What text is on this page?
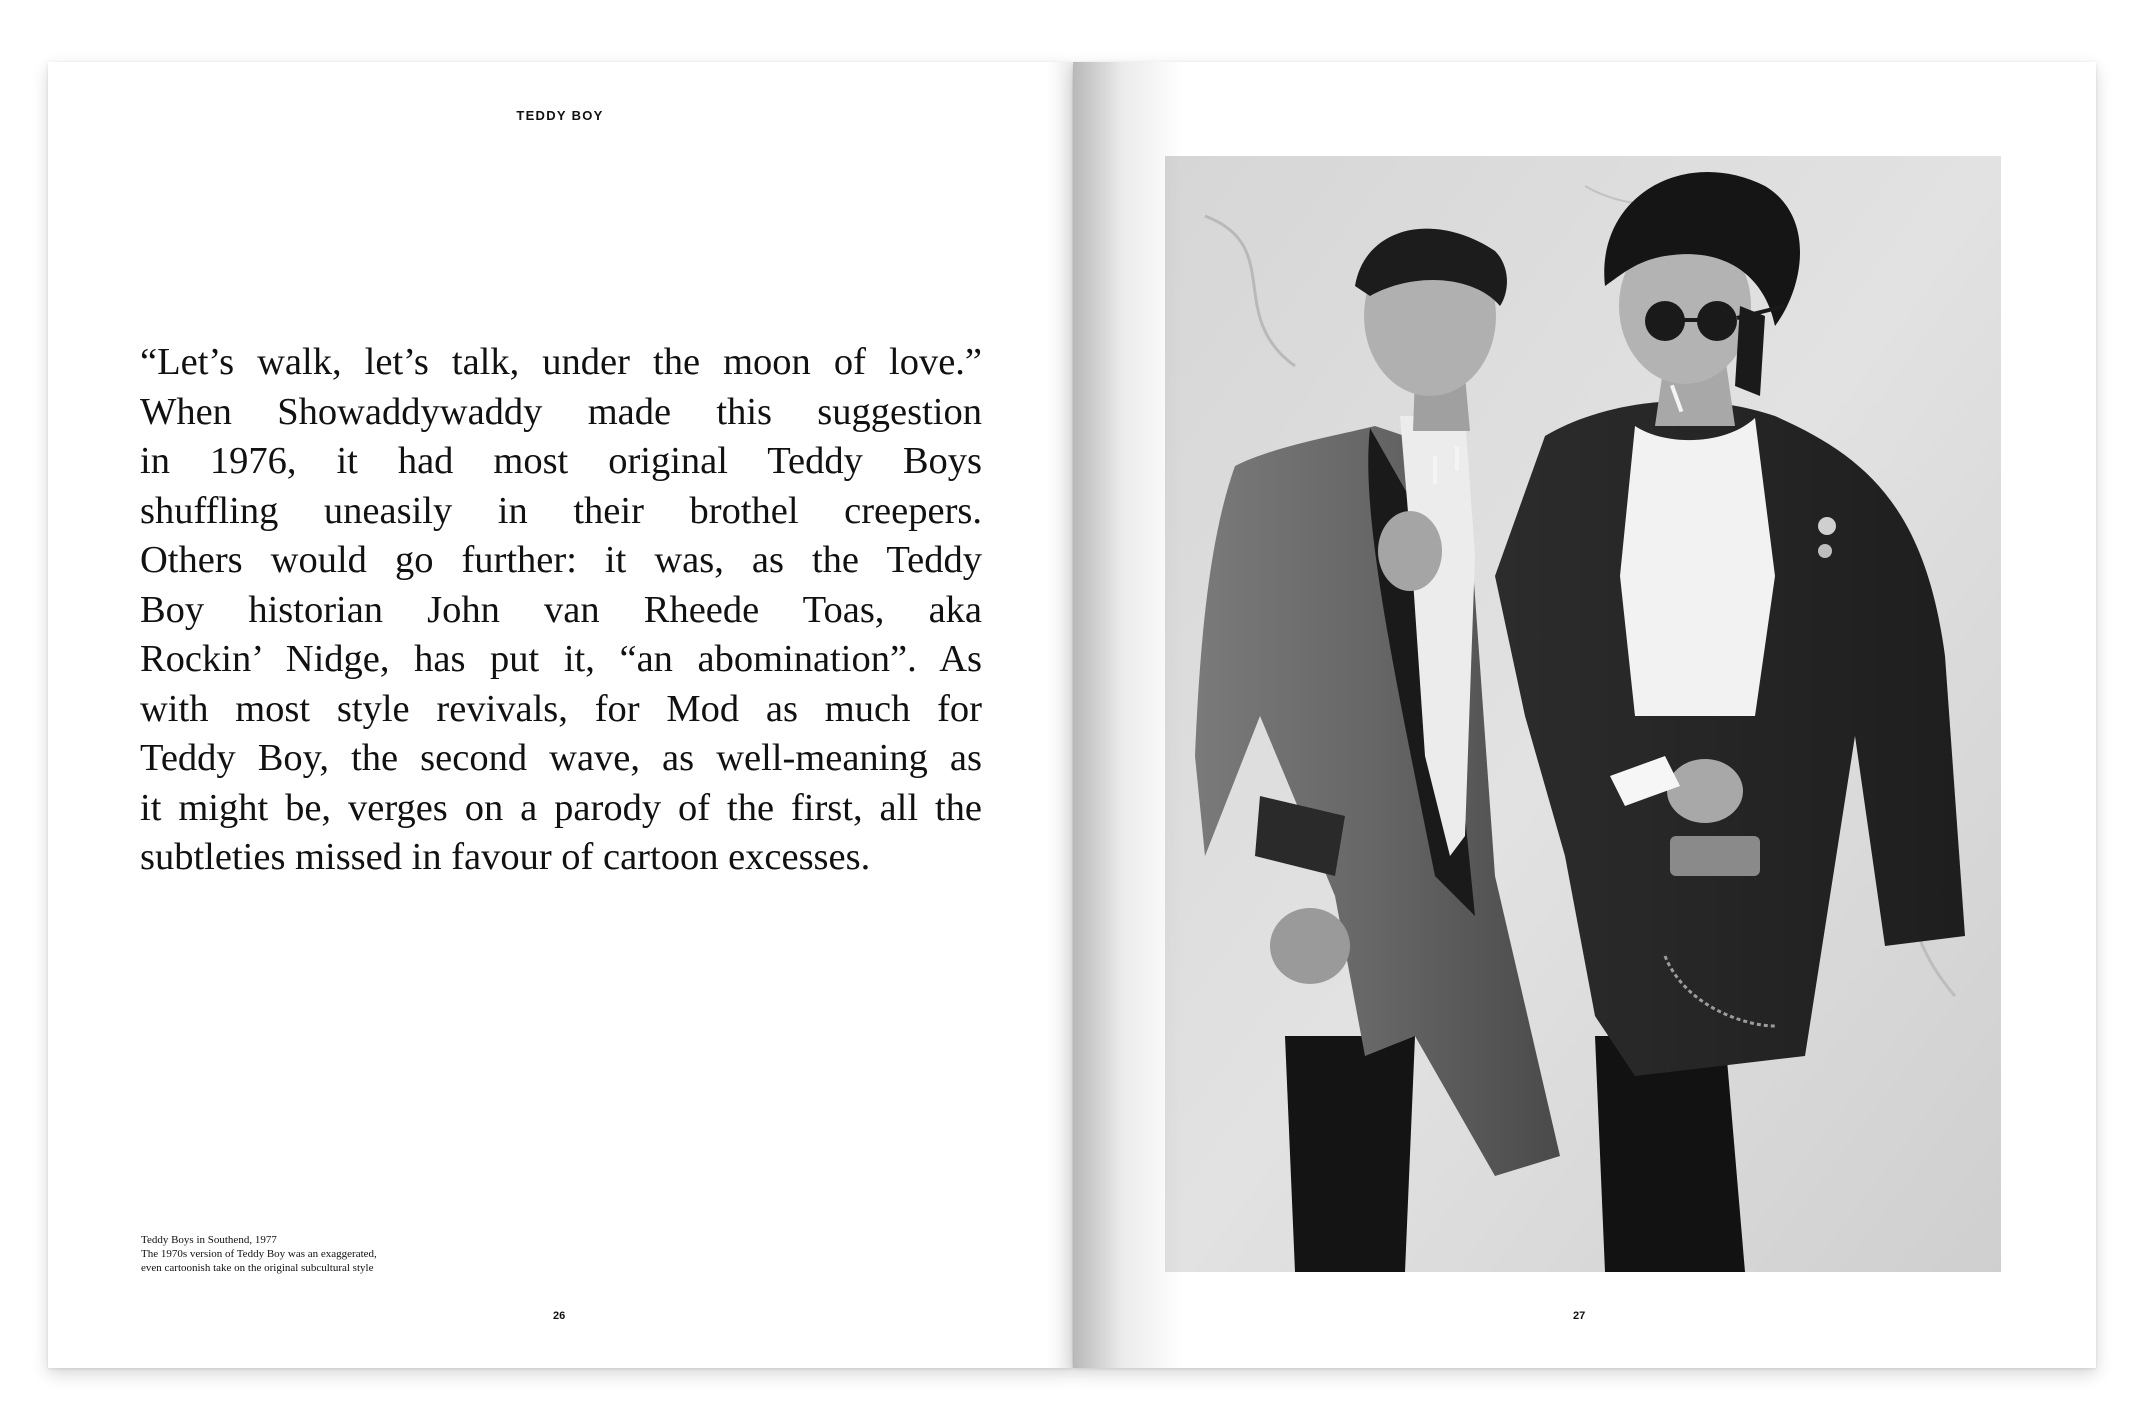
TEDDY BOY
“Let’s walk, let’s talk, under the moon of love.”
When Showaddywaddy made this suggestion
in 1976, it had most original Teddy Boys
shuffling uneasily in their brothel creepers.
Others would go further: it was, as the Teddy
Boy historian John van Rheede Toas, aka
Rockin’ Nidge, has put it, “an abomination”. As
with most style revivals, for Mod as much for
Teddy Boy, the second wave, as well-meaning as
it might be, verges on a parody of the first, all the
subtleties missed in favour of cartoon excesses.
Teddy Boys in Southend, 1977
The 1970s version of Teddy Boy was an exaggerated,
even cartoonish take on the original subcultural style
26	27
